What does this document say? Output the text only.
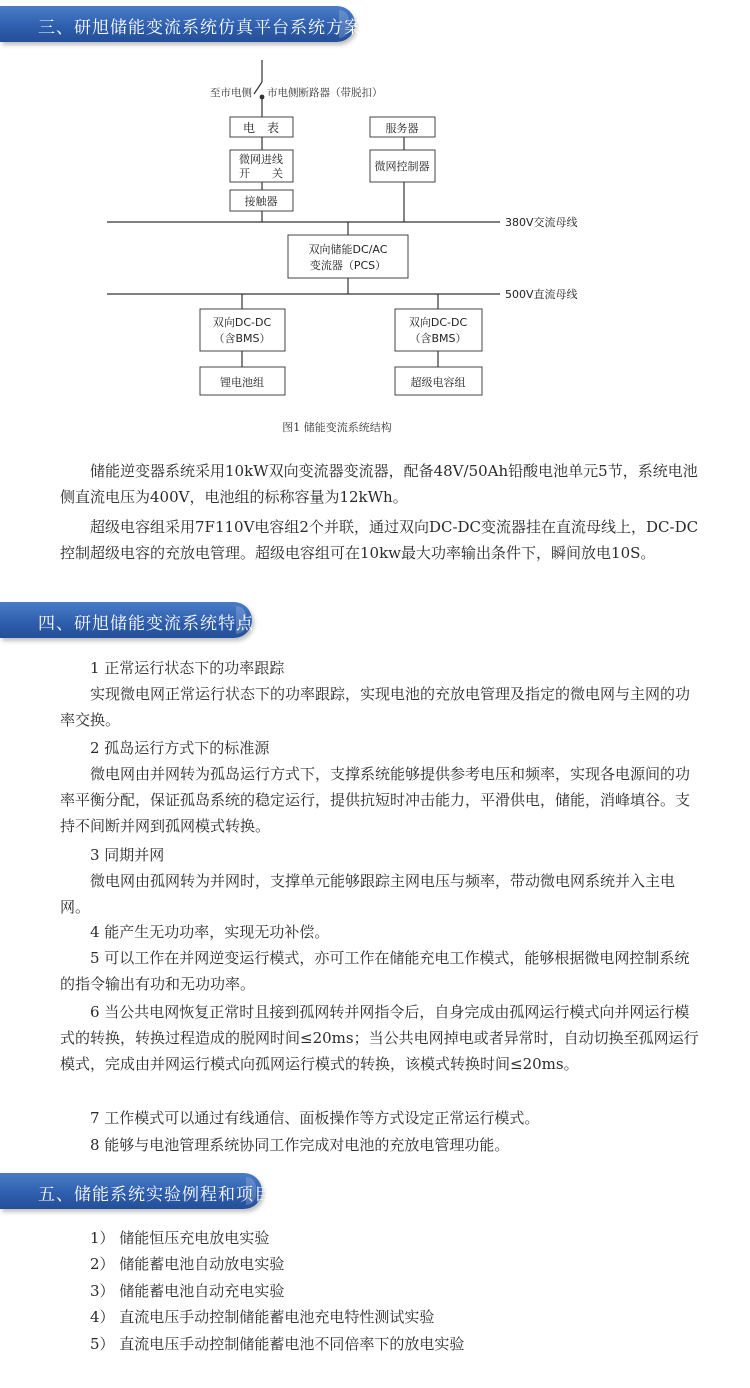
三、研旭储能变流系统仿真平台系统方案
至市电侧 市电侧断路器（带脱扣）
电　表
微网进线
开　　关
接触器
服务器
微网控制器
380V交流母线
双向储能DC/AC
变流器（PCS）
500V直流母线
双向DC-DC
（含BMS）
双向DC-DC
（含BMS）
锂电池组	超级电容组
图1 储能变流系统结构

储能逆变器系统采用10kW双向变流器变流器，配备48V/50Ah铅酸电池单元5节，系统电池侧直流电压为400V，电池组的标称容量为12kWh。

超级电容组采用7F110V电容组2个并联，通过双向DC-DC变流器挂在直流母线上，DC-DC控制超级电容的充放电管理。超级电容组可在10kw最大功率输出条件下，瞬间放电10S。

四、研旭储能变流系统特点
1 正常运行状态下的功率跟踪

实现微电网正常运行状态下的功率跟踪，实现电池的充放电管理及指定的微电网与主网的功率交换。

2 孤岛运行方式下的标准源

微电网由并网转为孤岛运行方式下，支撑系统能够提供参考电压和频率，实现各电源间的功率平衡分配，保证孤岛系统的稳定运行，提供抗短时冲击能力，平滑供电，储能，消峰填谷。支持不间断并网到孤网模式转换。

3 同期并网

微电网由孤网转为并网时，支撑单元能够跟踪主网电压与频率，带动微电网系统并入主电网。

4 能产生无功功率，实现无功补偿。

5 可以工作在并网逆变运行模式，亦可工作在储能充电工作模式，能够根据微电网控制系统的指令输出有功和无功功率。

6 当公共电网恢复正常时且接到孤网转并网指令后，自身完成由孤网运行模式向并网运行模式的转换，转换过程造成的脱网时间≤20ms；当公共电网掉电或者异常时，自动切换至孤网运行模式，完成由并网运行模式向孤网运行模式的转换，该模式转换时间≤20ms。

7 工作模式可以通过有线通信、面板操作等方式设定正常运行模式。
8 能够与电池管理系统协同工作完成对电池的充放电管理功能。
五、储能系统实验例程和项目
1） 储能恒压充电放电实验
2） 储能蓄电池自动放电实验
3） 储能蓄电池自动充电实验
4） 直流电压手动控制储能蓄电池充电特性测试实验
5） 直流电压手动控制储能蓄电池不同倍率下的放电实验
